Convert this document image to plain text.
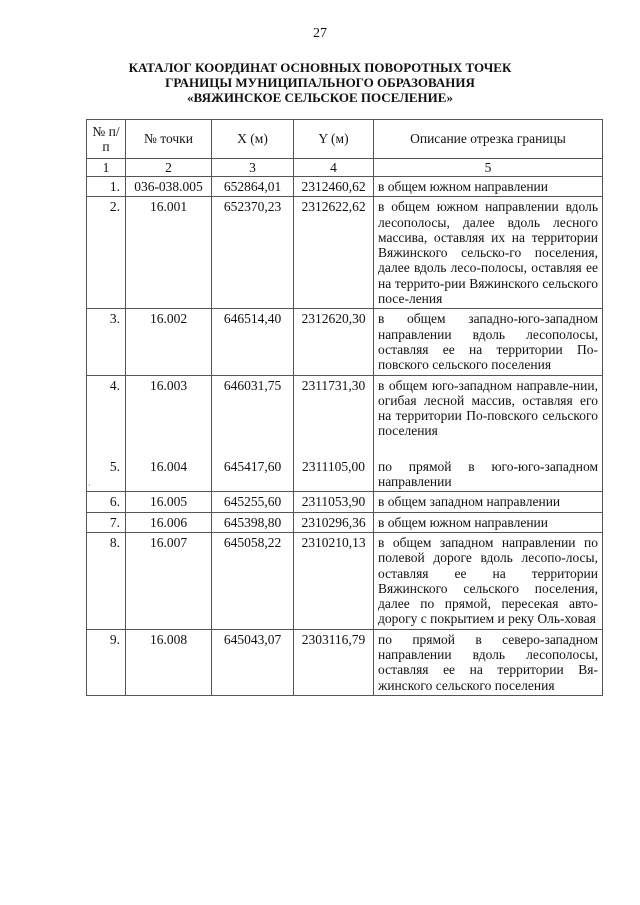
27
КАТАЛОГ КООРДИНАТ ОСНОВНЫХ ПОВОРОТНЫХ ТОЧЕК
ГРАНИЦЫ МУНИЦИПАЛЬНОГО ОБРАЗОВАНИЯ
«ВЯЖИНСКОЕ СЕЛЬСКОЕ ПОСЕЛЕНИЕ»
·
№ п/п	№ точки	X (м)	Y (м)	Описание отрезка границы
1	2	3	4	5
1.	036-038.005	652864,01	2312460,62	в общем южном направлении
2.	16.001	652370,23	2312622,62	в общем южном направлении вдоль лесополосы, далее вдоль лесного массива, оставляя их на территории Вяжинского сельско-го поселения, далее вдоль лесо-полосы, оставляя ее на террито-рии Вяжинского сельского посе-ления
3.	16.002	646514,40	2312620,30	в общем западно-юго-западном направлении вдоль лесополосы, оставляя ее на территории По-повского сельского поселения
4.	16.003	646031,75	2311731,30	в общем юго-западном направле-нии, огибая лесной массив, оставляя его на территории По-повского сельского поселения
5.	16.004	645417,60	2311105,00	по прямой в юго-юго-западном направлении
6.	16.005	645255,60	2311053,90	в общем западном направлении
7.	16.006	645398,80	2310296,36	в общем южном направлении
8.	16.007	645058,22	2310210,13	в общем западном направлении по полевой дороге вдоль лесопо-лосы, оставляя ее на территории Вяжинского сельского поселения, далее по прямой, пересекая авто-дорогу с покрытием и реку Оль-ховая
9.	16.008	645043,07	2303116,79	по прямой в северо-западном направлении вдоль лесополосы, оставляя ее на территории Вя-жинского сельского поселения
